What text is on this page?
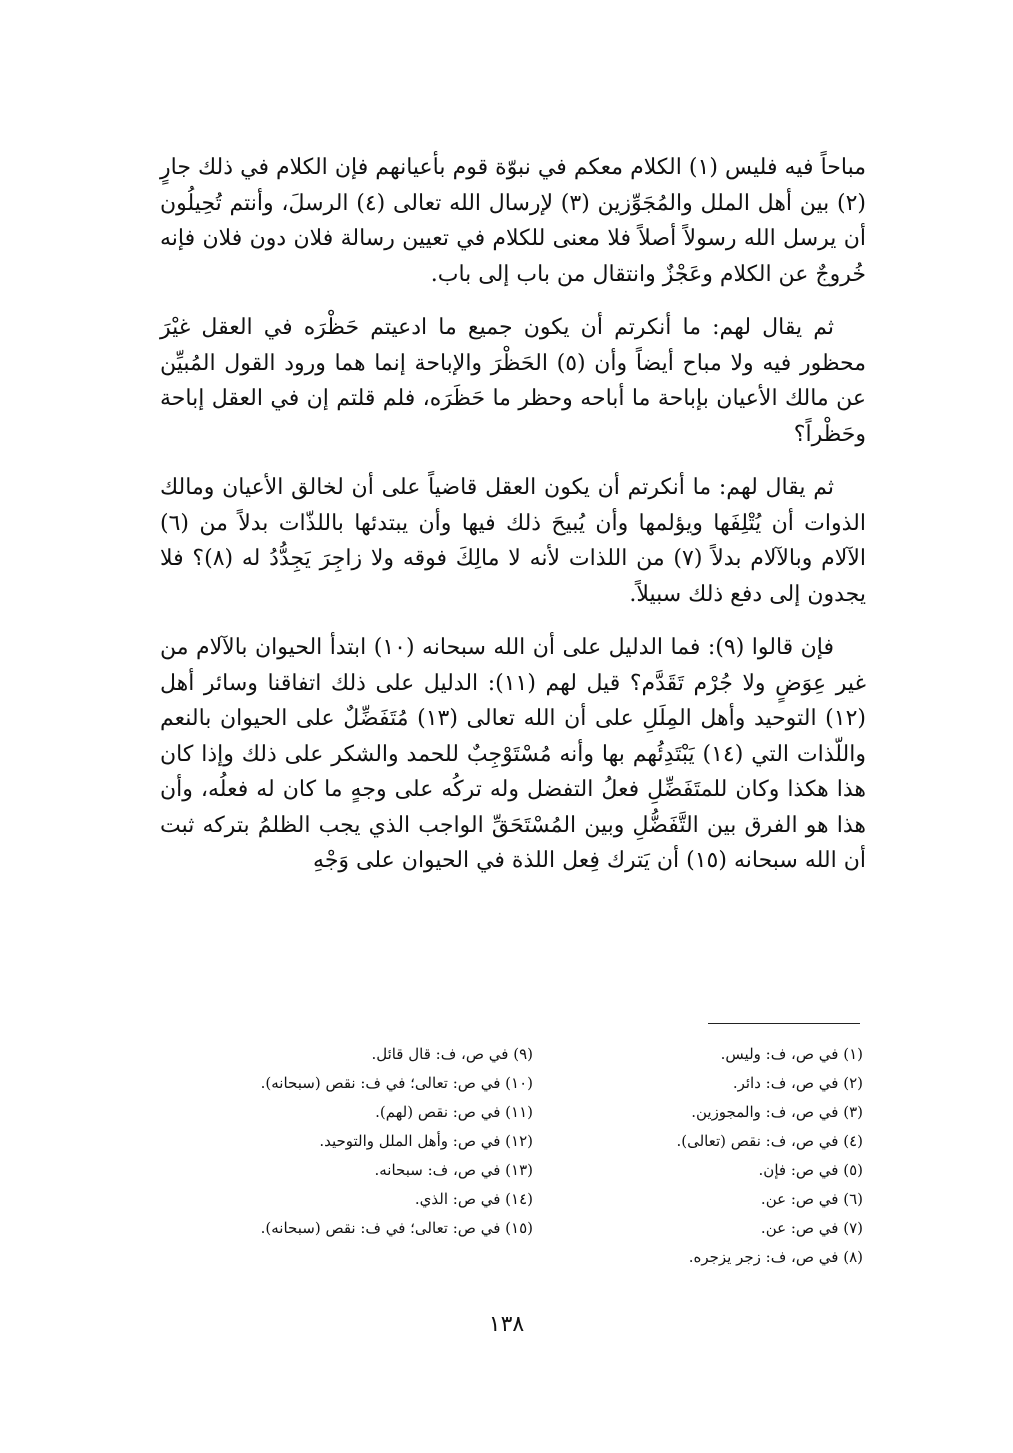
مباحاً فيه فليس (١) الكلام معكم في نبوّة قوم بأعيانهم فإن الكلام في ذلك جارٍ (٢) بين أهل الملل والمُجَوِّزين (٣) لإرسال الله تعالى (٤) الرسلَ، وأنتم تُحِيلُون أن يرسل الله رسولاً أصلاً فلا معنى للكلام في تعيين رسالة فلان دون فلان فإنه خُروجٌ عن الكلام وعَجْزٌ وانتقال من باب إلى باب.

ثم يقال لهم: ما أنكرتم أن يكون جميع ما ادعيتم حَظْرَه في العقل غيْرَ محظور فيه ولا مباح أيضاً وأن (٥) الحَظْرَ والإباحة إنما هما ورود القول المُبيِّن عن مالك الأعيان بإباحة ما أباحه وحظر ما حَظَرَه، فلم قلتم إن في العقل إباحة وحَظْراً؟

ثم يقال لهم: ما أنكرتم أن يكون العقل قاضياً على أن لخالق الأعيان ومالك الذوات أن يُتْلِفَها ويؤلمها وأن يُبيحَ ذلك فيها وأن يبتدئها باللذّات بدلاً من (٦) الآلام وبالآلام بدلاً (٧) من اللذات لأنه لا مالِكَ فوقه ولا زاجِرَ يَجِدُّدُ له (٨)؟ فلا يجدون إلى دفع ذلك سبيلاً.

فإن قالوا (٩): فما الدليل على أن الله سبحانه (١٠) ابتدأ الحيوان بالآلام من غير عِوَضٍ ولا جُرْم تَقَدَّم؟ قيل لهم (١١): الدليل على ذلك اتفاقنا وسائر أهل (١٢) التوحيد وأهل المِلَلِ على أن الله تعالى (١٣) مُتَفَضِّلٌ على الحيوان بالنعم واللّذات التي (١٤) يَبْتَدِئُهم بها وأنه مُسْتَوْجِبٌ للحمد والشكر على ذلك وإذا كان هذا هكذا وكان للمتَفَضِّلِ فعلُ التفضل وله تركُه على وجهٍ ما كان له فعلُه، وأن هذا هو الفرق بين التَّفَضُّلِ وبين المُسْتَحَقِّ الواجب الذي يجب الظلمُ بتركه ثبت أن الله سبحانه (١٥) أن يَترك فِعل اللذة في الحيوان على وَجْهِ

(١) في ص، ف: وليس.
(٢) في ص، ف: دائر.
(٣) في ص، ف: والمجوزين.
(٤) في ص، ف: نقص (تعالى).
(٥) في ص: فإن.
(٦) في ص: عن.
(٧) في ص: عن.
(٨) في ص، ف: زجر يزجره.
(٩) في ص، ف: قال قائل.
(١٠) في ص: تعالى؛ في ف: نقص (سبحانه).
(١١) في ص: نقص (لهم).
(١٢) في ص: وأهل الملل والتوحيد.
(١٣) في ص، ف: سبحانه.
(١٤) في ص: الذي.
(١٥) في ص: تعالى؛ في ف: نقص (سبحانه).
١٣٨
